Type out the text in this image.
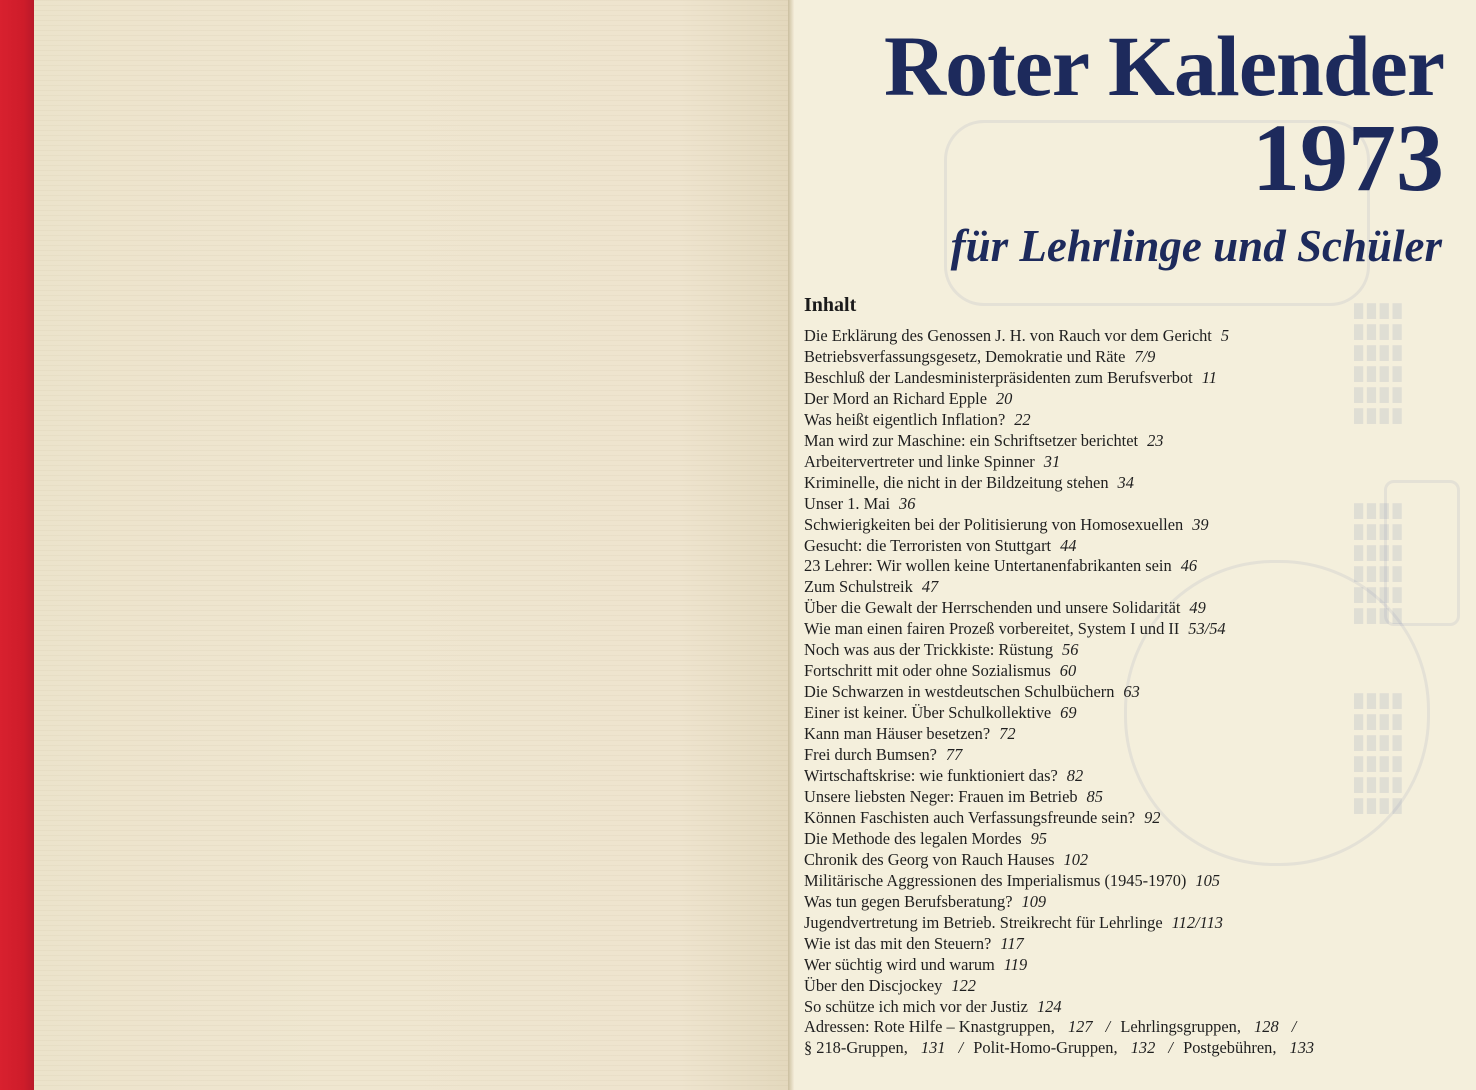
█ █ █ █
█ █ █ █
█ █ █ █
█ █ █ █
█ █ █ █
█ █ █ █
█ █ █ █
█ █ █ █
█ █ █ █
█ █ █ █
█ █ █ █
█ █ █ █
█ █ █ █
█ █ █ █
█ █ █ █
█ █ █ █
█ █ █ █
█ █ █ █
Roter Kalender
1973
für Lehrlinge und Schüler
Inhalt
Die Erklärung des Genossen J. H. von Rauch vor dem Gericht 5
Betriebsverfassungsgesetz, Demokratie und Räte 7/9
Beschluß der Landesministerpräsidenten zum Berufsverbot 11
Der Mord an Richard Epple 20
Was heißt eigentlich Inflation? 22
Man wird zur Maschine: ein Schriftsetzer berichtet 23
Arbeitervertreter und linke Spinner 31
Kriminelle, die nicht in der Bildzeitung stehen 34
Unser 1. Mai 36
Schwierigkeiten bei der Politisierung von Homosexuellen 39
Gesucht: die Terroristen von Stuttgart 44
23 Lehrer: Wir wollen keine Untertanenfabrikanten sein 46
Zum Schulstreik 47
Über die Gewalt der Herrschenden und unsere Solidarität 49
Wie man einen fairen Prozeß vorbereitet, System I und II 53/54
Noch was aus der Trickkiste: Rüstung 56
Fortschritt mit oder ohne Sozialismus 60
Die Schwarzen in westdeutschen Schulbüchern 63
Einer ist keiner. Über Schulkollektive 69
Kann man Häuser besetzen? 72
Frei durch Bumsen? 77
Wirtschaftskrise: wie funktioniert das? 82
Unsere liebsten Neger: Frauen im Betrieb 85
Können Faschisten auch Verfassungsfreunde sein? 92
Die Methode des legalen Mordes 95
Chronik des Georg von Rauch Hauses 102
Militärische Aggressionen des Imperialismus (1945-1970) 105
Was tun gegen Berufsberatung? 109
Jugendvertretung im Betrieb. Streikrecht für Lehrlinge 112/113
Wie ist das mit den Steuern? 117
Wer süchtig wird und warum 119
Über den Discjockey 122
So schütze ich mich vor der Justiz 124
Adressen: Rote Hilfe – Knastgruppen, 127 / Lehrlingsgruppen, 128 /
§ 218-Gruppen, 131 / Polit-Homo-Gruppen, 132 / Postgebühren, 133
